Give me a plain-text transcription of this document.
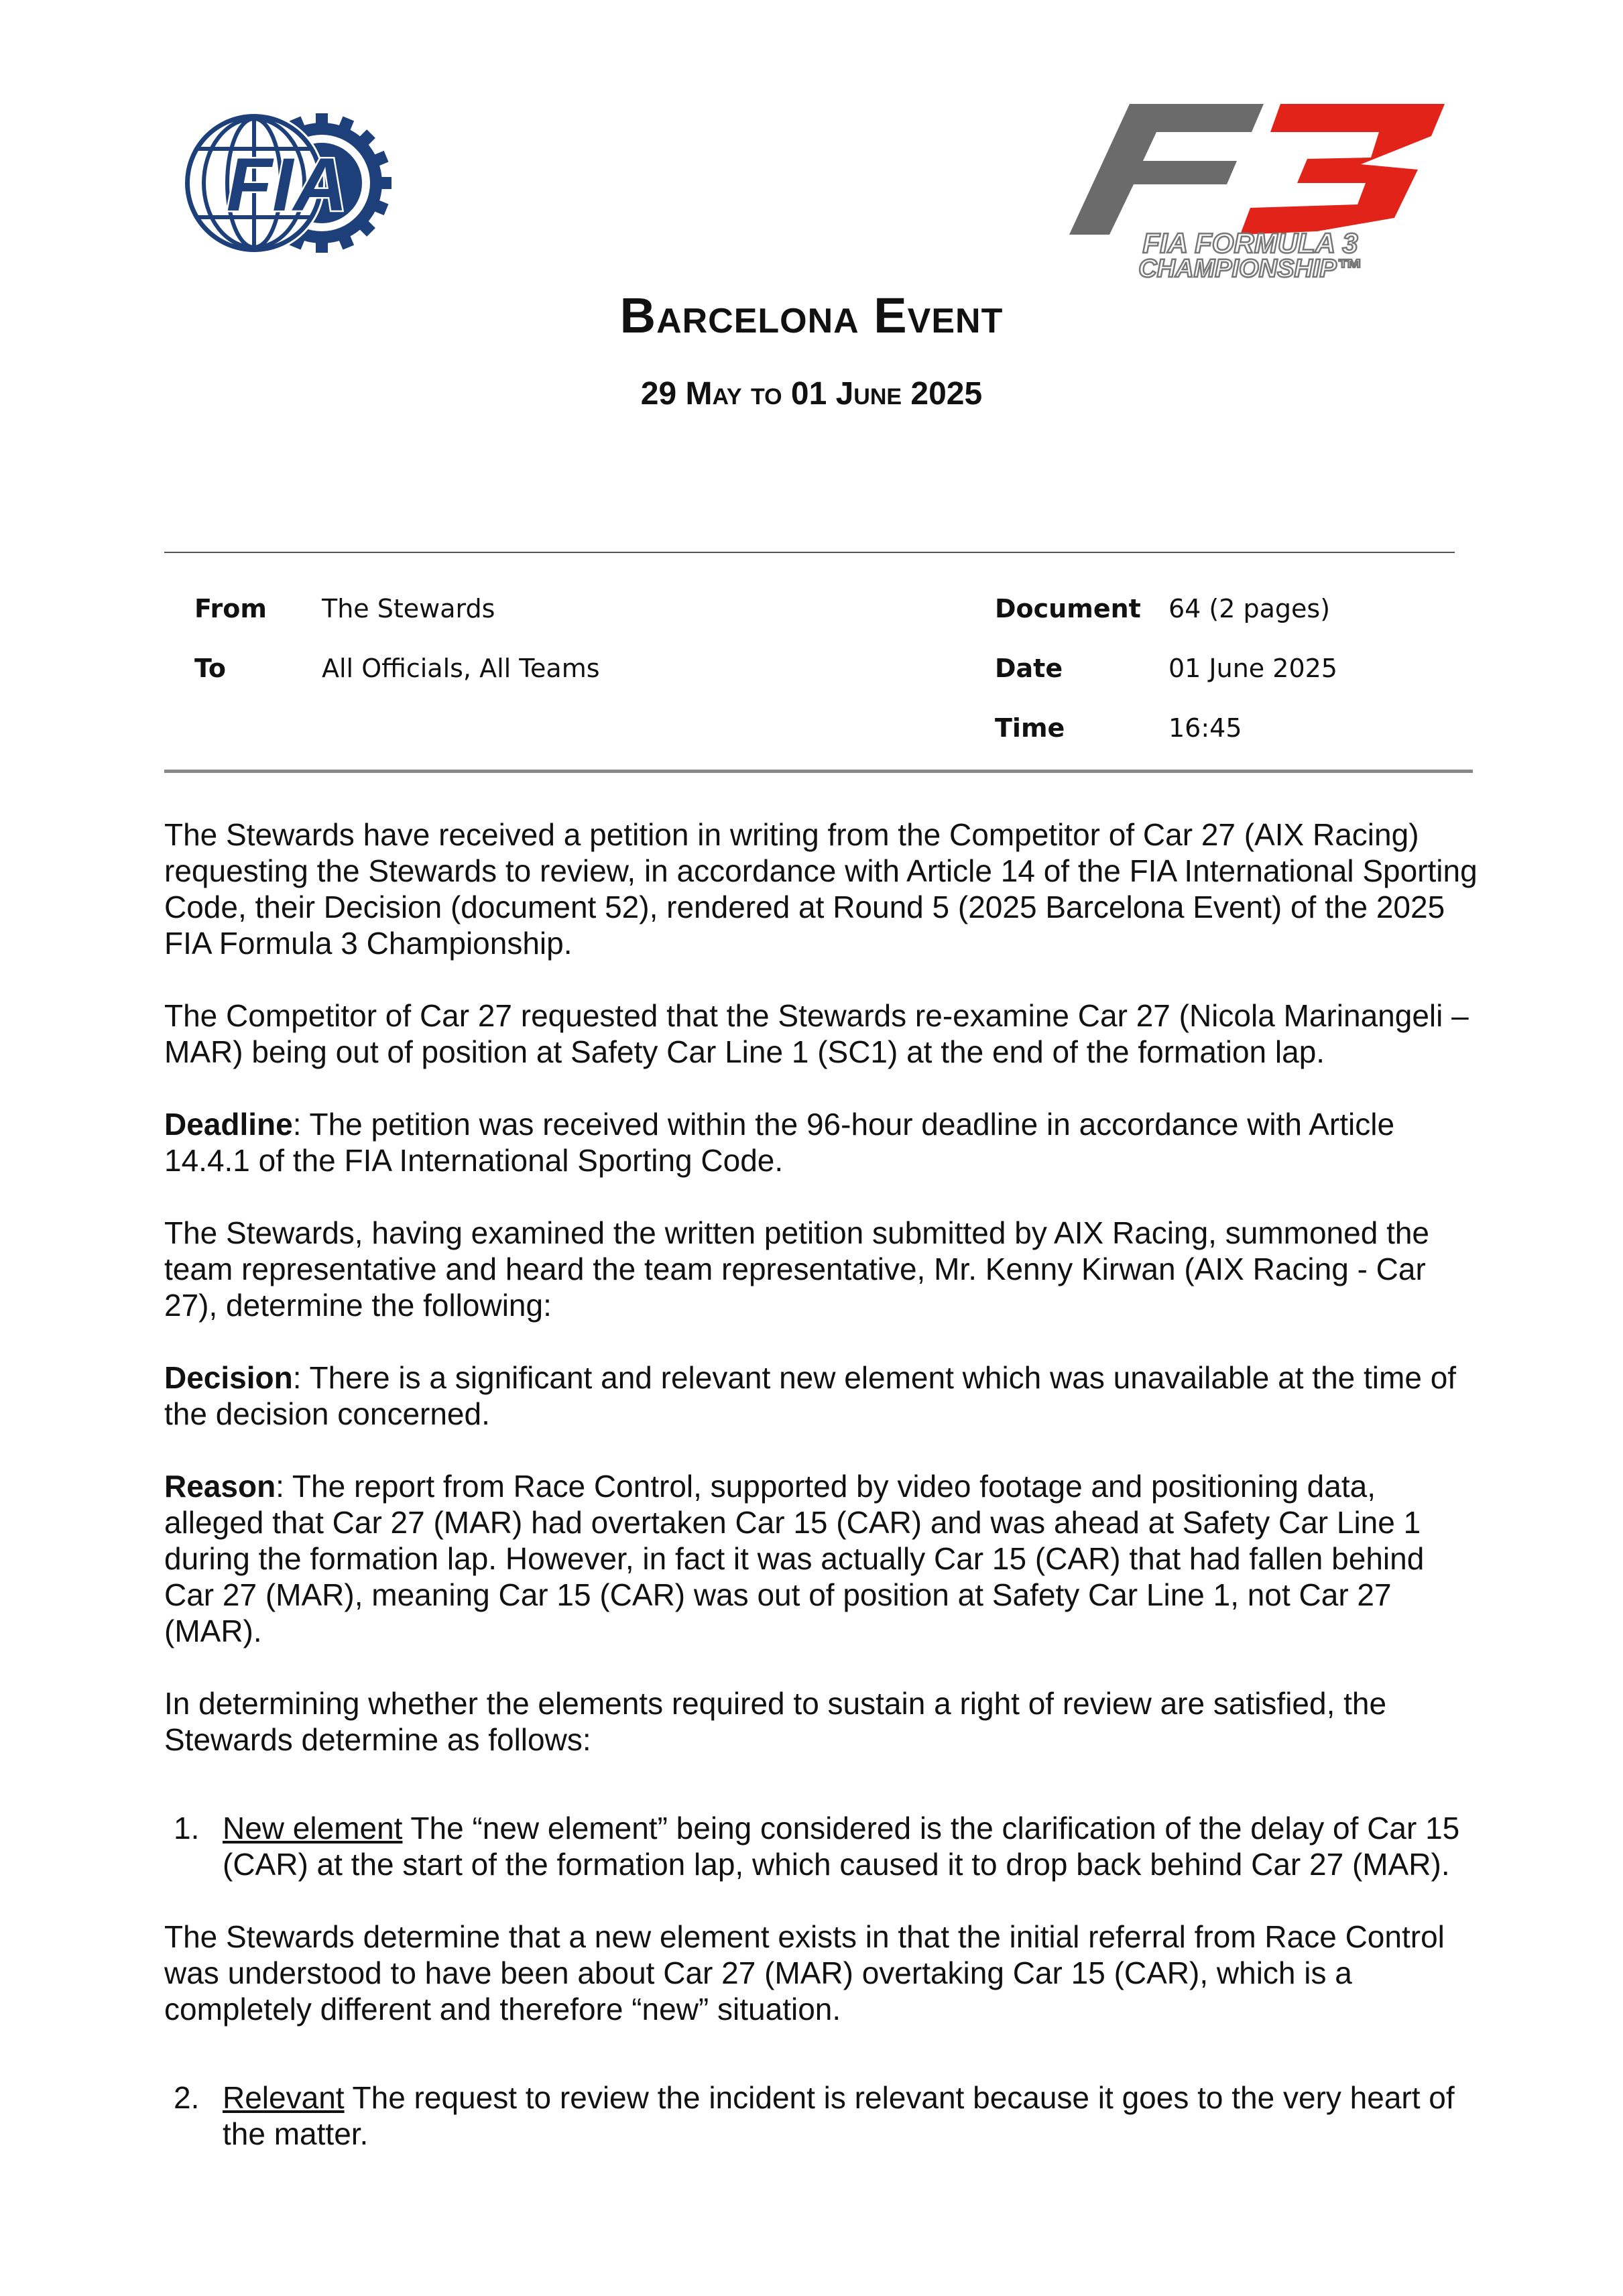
FIA
FIA FORMULA 3
CHAMPIONSHIP™
Barcelona Event
29 May to 01 June 2025
From The Stewards
To	All Officials, All Teams
Document 64 (2 pages)
Date	01 June 2025
Time	16:45

The Stewards have received a petition in writing from the Competitor of Car 27 (AIX Racing) requesting the Stewards to review, in accordance with Article 14 of the FIA International Sporting Code, their Decision (document 52), rendered at Round 5 (2025 Barcelona Event) of the 2025 FIA Formula 3 Championship.

The Competitor of Car 27 requested that the Stewards re-examine Car 27 (Nicola Marinangeli – MAR) being out of position at Safety Car Line 1 (SC1) at the end of the formation lap.

Deadline: The petition was received within the 96-hour deadline in accordance with Article 14.4.1 of the FIA International Sporting Code.

The Stewards, having examined the written petition submitted by AIX Racing, summoned the team representative and heard the team representative, Mr. Kenny Kirwan (AIX Racing - Car 27), determine the following:

Decision: There is a significant and relevant new element which was unavailable at the time of the decision concerned.

Reason: The report from Race Control, supported by video footage and positioning data, alleged that Car 27 (MAR) had overtaken Car 15 (CAR) and was ahead at Safety Car Line 1 during the formation lap. However, in fact it was actually Car 15 (CAR) that had fallen behind Car 27 (MAR), meaning Car 15 (CAR) was out of position at Safety Car Line 1, not Car 27 (MAR).

In determining whether the elements required to sustain a right of review are satisfied, the Stewards determine as follows:

1. New element The “new element” being considered is the clarification of the delay of Car 15 (CAR) at the start of the formation lap, which caused it to drop back behind Car 27 (MAR).

The Stewards determine that a new element exists in that the initial referral from Race Control was understood to have been about Car 27 (MAR) overtaking Car 15 (CAR), which is a completely different and therefore “new” situation.

2. Relevant The request to review the incident is relevant because it goes to the very heart of the matter.
